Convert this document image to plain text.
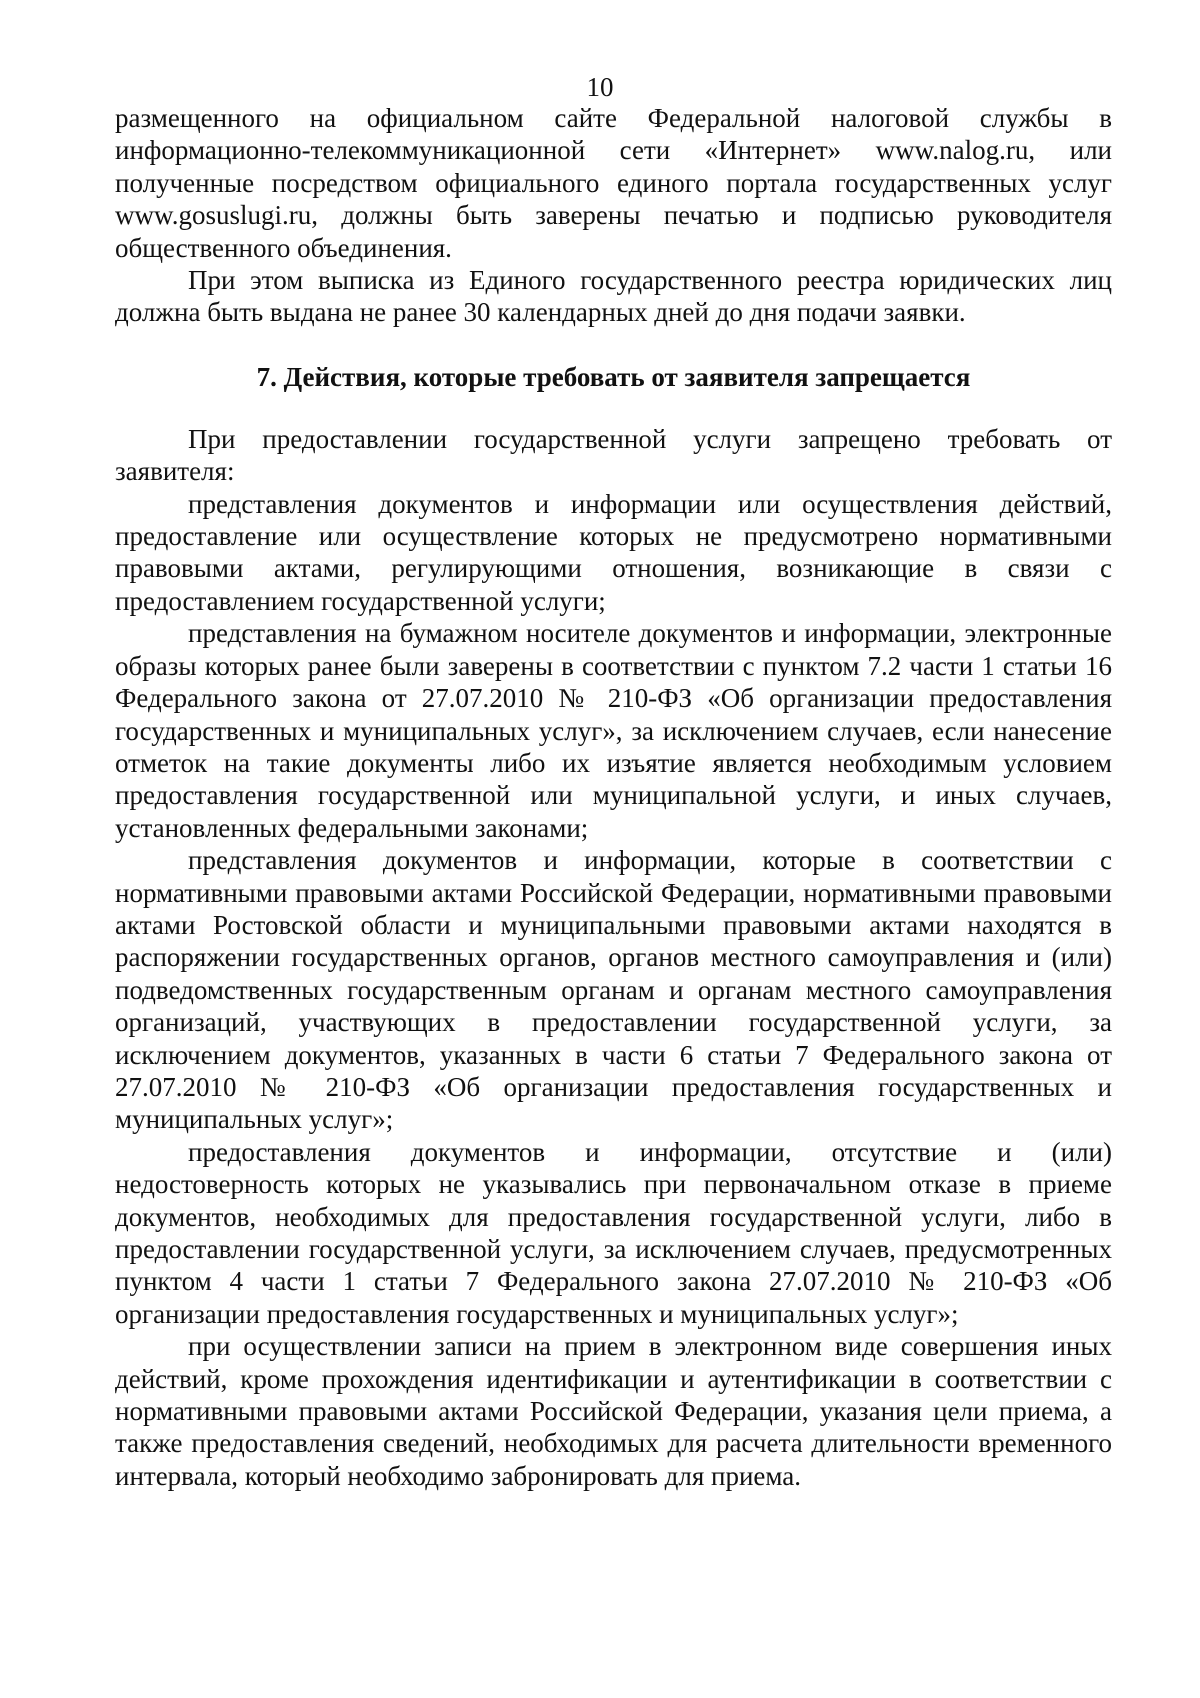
10

размещенного на официальном сайте Федеральной налоговой службы в информационно-телекоммуникационной сети «Интернет» www.nalog.ru, или полученные посредством официального единого портала государственных услуг www.gosuslugi.ru, должны быть заверены печатью и подписью руководителя общественного объединения.

При этом выписка из Единого государственного реестра юридических лиц должна быть выдана не ранее 30 календарных дней до дня подачи заявки.

7. Действия, которые требовать от заявителя запрещается

При предоставлении государственной услуги запрещено требовать от заявителя:

представления документов и информации или осуществления действий, предоставление или осуществление которых не предусмотрено нормативными правовыми актами, регулирующими отношения, возникающие в связи с предоставлением государственной услуги;

представления на бумажном носителе документов и информации, электронные образы которых ранее были заверены в соответствии с пунктом 7.2 части 1 статьи 16 Федерального закона от 27.07.2010 № 210-ФЗ «Об организации предоставления государственных и муниципальных услуг», за исключением случаев, если нанесение отметок на такие документы либо их изъятие является необходимым условием предоставления государственной или муниципальной услуги, и иных случаев, установленных федеральными законами;

представления документов и информации, которые в соответствии с нормативными правовыми актами Российской Федерации, нормативными правовыми актами Ростовской области и муниципальными правовыми актами находятся в распоряжении государственных органов, органов местного самоуправления и (или) подведомственных государственным органам и органам местного самоуправления организаций, участвующих в предоставлении государственной услуги, за исключением документов, указанных в части 6 статьи 7 Федерального закона от 27.07.2010 № 210-ФЗ «Об организации предоставления государственных и муниципальных услуг»;

предоставления документов и информации, отсутствие и (или) недостоверность которых не указывались при первоначальном отказе в приеме документов, необходимых для предоставления государственной услуги, либо в предоставлении государственной услуги, за исключением случаев, предусмотренных пунктом 4 части 1 статьи 7 Федерального закона 27.07.2010 № 210-ФЗ «Об организации предоставления государственных и муниципальных услуг»;

при осуществлении записи на прием в электронном виде совершения иных действий, кроме прохождения идентификации и аутентификации в соответствии с нормативными правовыми актами Российской Федерации, указания цели приема, а также предоставления сведений, необходимых для расчета длительности временного интервала, который необходимо забронировать для приема.
